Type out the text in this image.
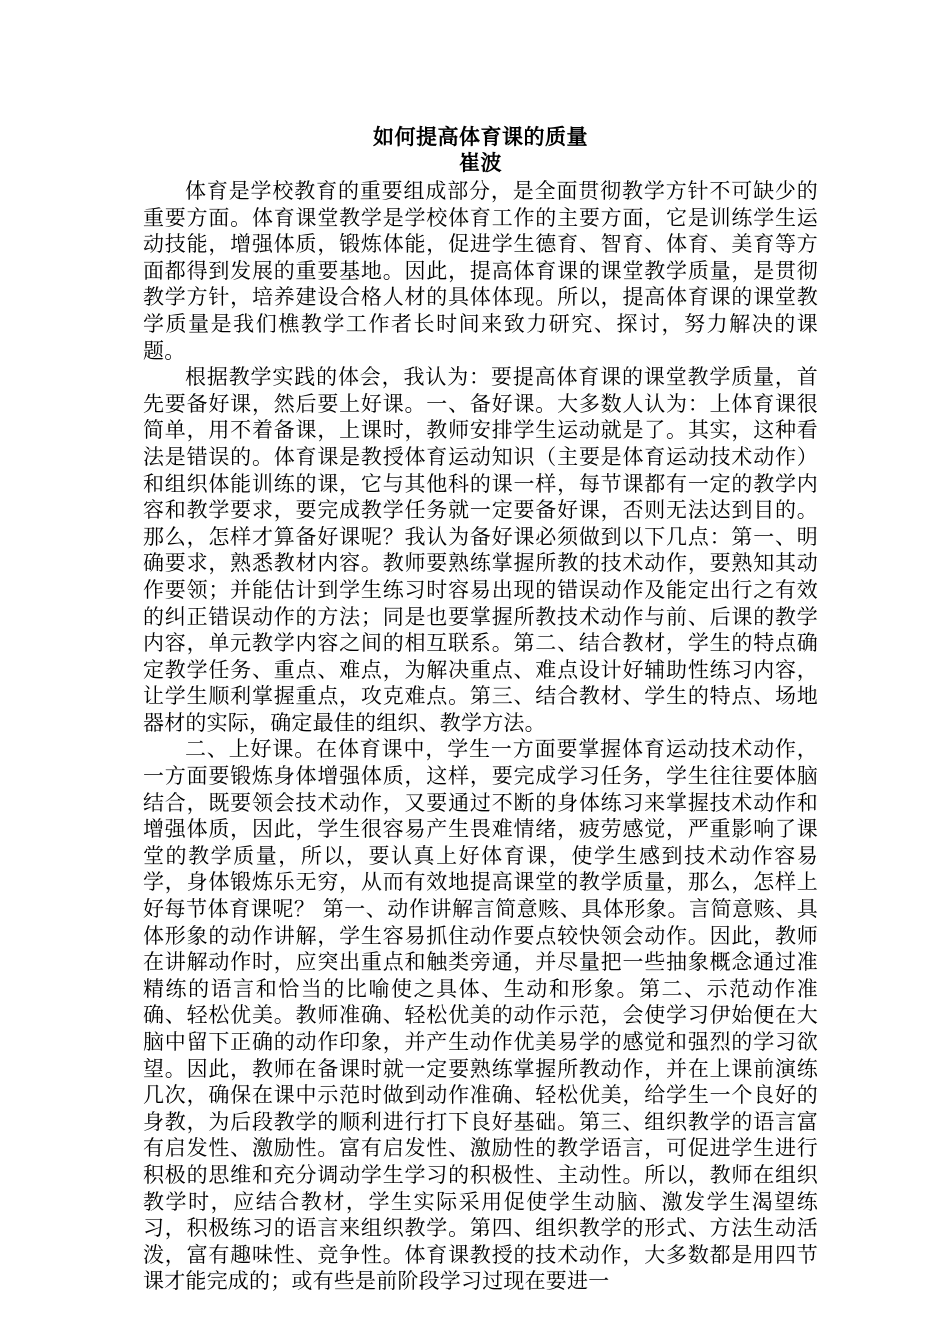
如何提高体育课的质量
崔波

体育是学校教育的重要组成部分，是全面贯彻教学方针不可缺少的重要方面。体育课堂教学是学校体育工作的主要方面，它是训练学生运动技能，增强体质，锻炼体能，促进学生德育、智育、体育、美育等方面都得到发展的重要基地。因此，提高体育课的课堂教学质量，是贯彻教学方针，培养建设合格人材的具体体现。所以，提高体育课的课堂教学质量是我们樵教学工作者长时间来致力研究、探讨，努力解决的课题。

根据教学实践的体会，我认为：要提高体育课的课堂教学质量，首先要备好课，然后要上好课。一、备好课。大多数人认为：上体育课很简单，用不着备课，上课时，教师安排学生运动就是了。其实，这种看法是错误的。体育课是教授体育运动知识（主要是体育运动技术动作）和组织体能训练的课，它与其他科的课一样，每节课都有一定的教学内容和教学要求，要完成教学任务就一定要备好课，否则无法达到目的。那么，怎样才算备好课呢？我认为备好课必须做到以下几点：第一、明确要求，熟悉教材内容。教师要熟练掌握所教的技术动作，要熟知其动作要领；并能估计到学生练习时容易出现的错误动作及能定出行之有效的纠正错误动作的方法；同是也要掌握所教技术动作与前、后课的教学内容，单元教学内容之间的相互联系。第二、结合教材，学生的特点确定教学任务、重点、难点，为解决重点、难点设计好辅助性练习内容，让学生顺利掌握重点，攻克难点。第三、结合教材、学生的特点、场地器材的实际，确定最佳的组织、教学方法。

二、上好课。在体育课中，学生一方面要掌握体育运动技术动作，一方面要锻炼身体增强体质，这样，要完成学习任务，学生往往要体脑结合，既要领会技术动作，又要通过不断的身体练习来掌握技术动作和增强体质，因此，学生很容易产生畏难情绪，疲劳感觉，严重影响了课堂的教学质量，所以，要认真上好体育课，使学生感到技术动作容易学，身体锻炼乐无穷，从而有效地提高课堂的教学质量，那么，怎样上好每节体育课呢？ 第一、动作讲解言简意赅、具体形象。言简意赅、具体形象的动作讲解，学生容易抓住动作要点较快领会动作。因此，教师在讲解动作时，应突出重点和触类旁通，并尽量把一些抽象概念通过准精练的语言和恰当的比喻使之具体、生动和形象。第二、示范动作准确、轻松优美。教师准确、轻松优美的动作示范，会使学习伊始便在大脑中留下正确的动作印象，并产生动作优美易学的感觉和强烈的学习欲望。因此，教师在备课时就一定要熟练掌握所教动作，并在上课前演练几次，确保在课中示范时做到动作准确、轻松优美，给学生一个良好的身教，为后段教学的顺利进行打下良好基础。第三、组织教学的语言富有启发性、激励性。富有启发性、激励性的教学语言，可促进学生进行积极的思维和充分调动学生学习的积极性、主动性。所以，教师在组织教学时，应结合教材，学生实际采用促使学生动脑、激发学生渴望练习，积极练习的语言来组织教学。第四、组织教学的形式、方法生动活泼，富有趣味性、竞争性。体育课教授的技术动作，大多数都是用四节课才能完成的；或有些是前阶段学习过现在要进一
